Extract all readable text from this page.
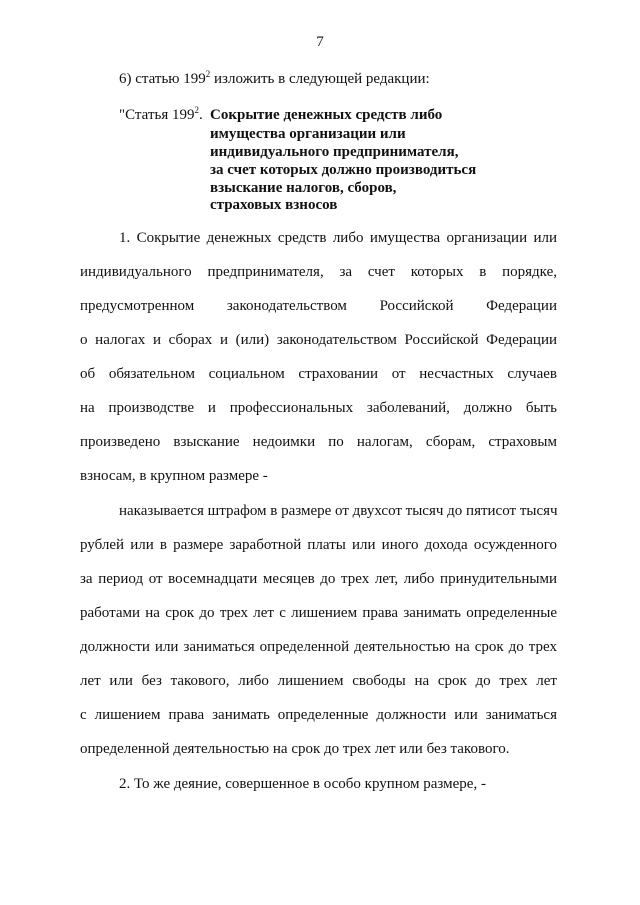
7
6) статью $199^2$ изложить в следующей редакции:
"Статья $199^2$. Сокрытие денежных средств либо
имущества организации или
индивидуального предпринимателя,
за счет которых должно производиться
взыскание налогов, сборов,
страховых взносов
1. Сокрытие денежных средств либо имущества организации или
индивидуального предпринимателя, за счет которых в порядке,
предусмотренном законодательством Российской Федерации
о налогах и сборах и (или) законодательством Российской Федерации
об обязательном социальном страховании от несчастных случаев
на производстве и профессиональных заболеваний, должно быть
произведено взыскание недоимки по налогам, сборам, страховым
взносам, в крупном размере -
наказывается штрафом в размере от двухсот тысяч до пятисот тысяч
рублей или в размере заработной платы или иного дохода осужденного
за период от восемнадцати месяцев до трех лет, либо принудительными
работами на срок до трех лет с лишением права занимать определенные
должности или заниматься определенной деятельностью на срок до трех
лет или без такового, либо лишением свободы на срок до трех лет
с лишением права занимать определенные должности или заниматься
определенной деятельностью на срок до трех лет или без такового.
2. То же деяние, совершенное в особо крупном размере, -
